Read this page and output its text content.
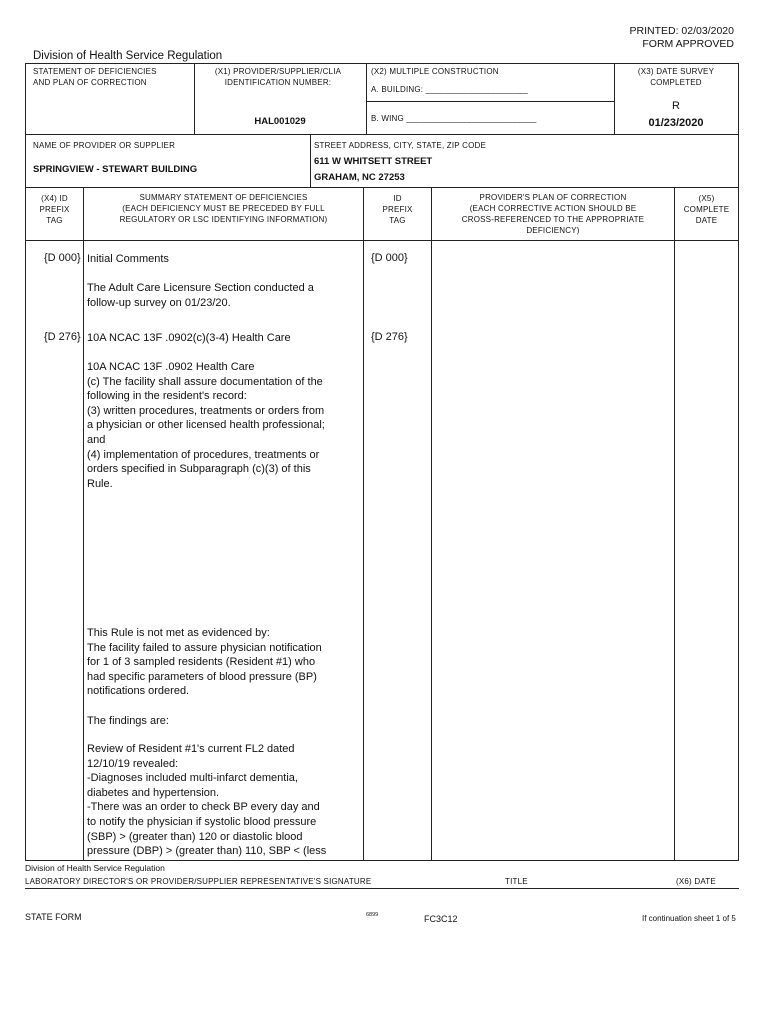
PRINTED: 02/03/2020
FORM APPROVED
Division of Health Service Regulation
STATEMENT OF DEFICIENCIES
AND PLAN OF CORRECTION
(X1) PROVIDER/SUPPLIER/CLIA
IDENTIFICATION NUMBER:
HAL001029
(X2) MULTIPLE CONSTRUCTION
A. BUILDING: ______________________
B. WING ____________________________
(X3) DATE SURVEY
COMPLETED
R
01/23/2020
NAME OF PROVIDER OR SUPPLIER
SPRINGVIEW - STEWART BUILDING
STREET ADDRESS, CITY, STATE, ZIP CODE
611 W WHITSETT STREET
GRAHAM, NC 27253
(X4) ID
PREFIX
TAG
SUMMARY STATEMENT OF DEFICIENCIES
(EACH DEFICIENCY MUST BE PRECEDED BY FULL
REGULATORY OR LSC IDENTIFYING INFORMATION)
ID
PREFIX
TAG
PROVIDER'S PLAN OF CORRECTION
(EACH CORRECTIVE ACTION SHOULD BE
CROSS-REFERENCED TO THE APPROPRIATE
DEFICIENCY)
(X5)
COMPLETE
DATE
{D 000} Initial Comments	{D 000}
The Adult Care Licensure Section conducted a
follow-up survey on 01/23/20.
{D 276} 10A NCAC 13F .0902(c)(3-4) Health Care	{D 276}
10A NCAC 13F .0902 Health Care
(c) The facility shall assure documentation of the
following in the resident's record:
(3) written procedures, treatments or orders from
a physician or other licensed health professional;
and
(4) implementation of procedures, treatments or
orders specified in Subparagraph (c)(3) of this
Rule.
This Rule is not met as evidenced by:
The facility failed to assure physician notification
for 1 of 3 sampled residents (Resident #1) who
had specific parameters of blood pressure (BP)
notifications ordered.
The findings are:
Review of Resident #1's current FL2 dated
12/10/19 revealed:
-Diagnoses included multi-infarct dementia,
diabetes and hypertension.
-There was an order to check BP every day and
to notify the physician if systolic blood pressure
(SBP) > (greater than) 120 or diastolic blood
pressure (DBP) > (greater than) 110, SBP < (less
Division of Health Service Regulation
LABORATORY DIRECTOR'S OR PROVIDER/SUPPLIER REPRESENTATIVE'S SIGNATURE	TITLE	(X6) DATE
STATE FORM	6899	FC3C12	If continuation sheet 1 of 5
